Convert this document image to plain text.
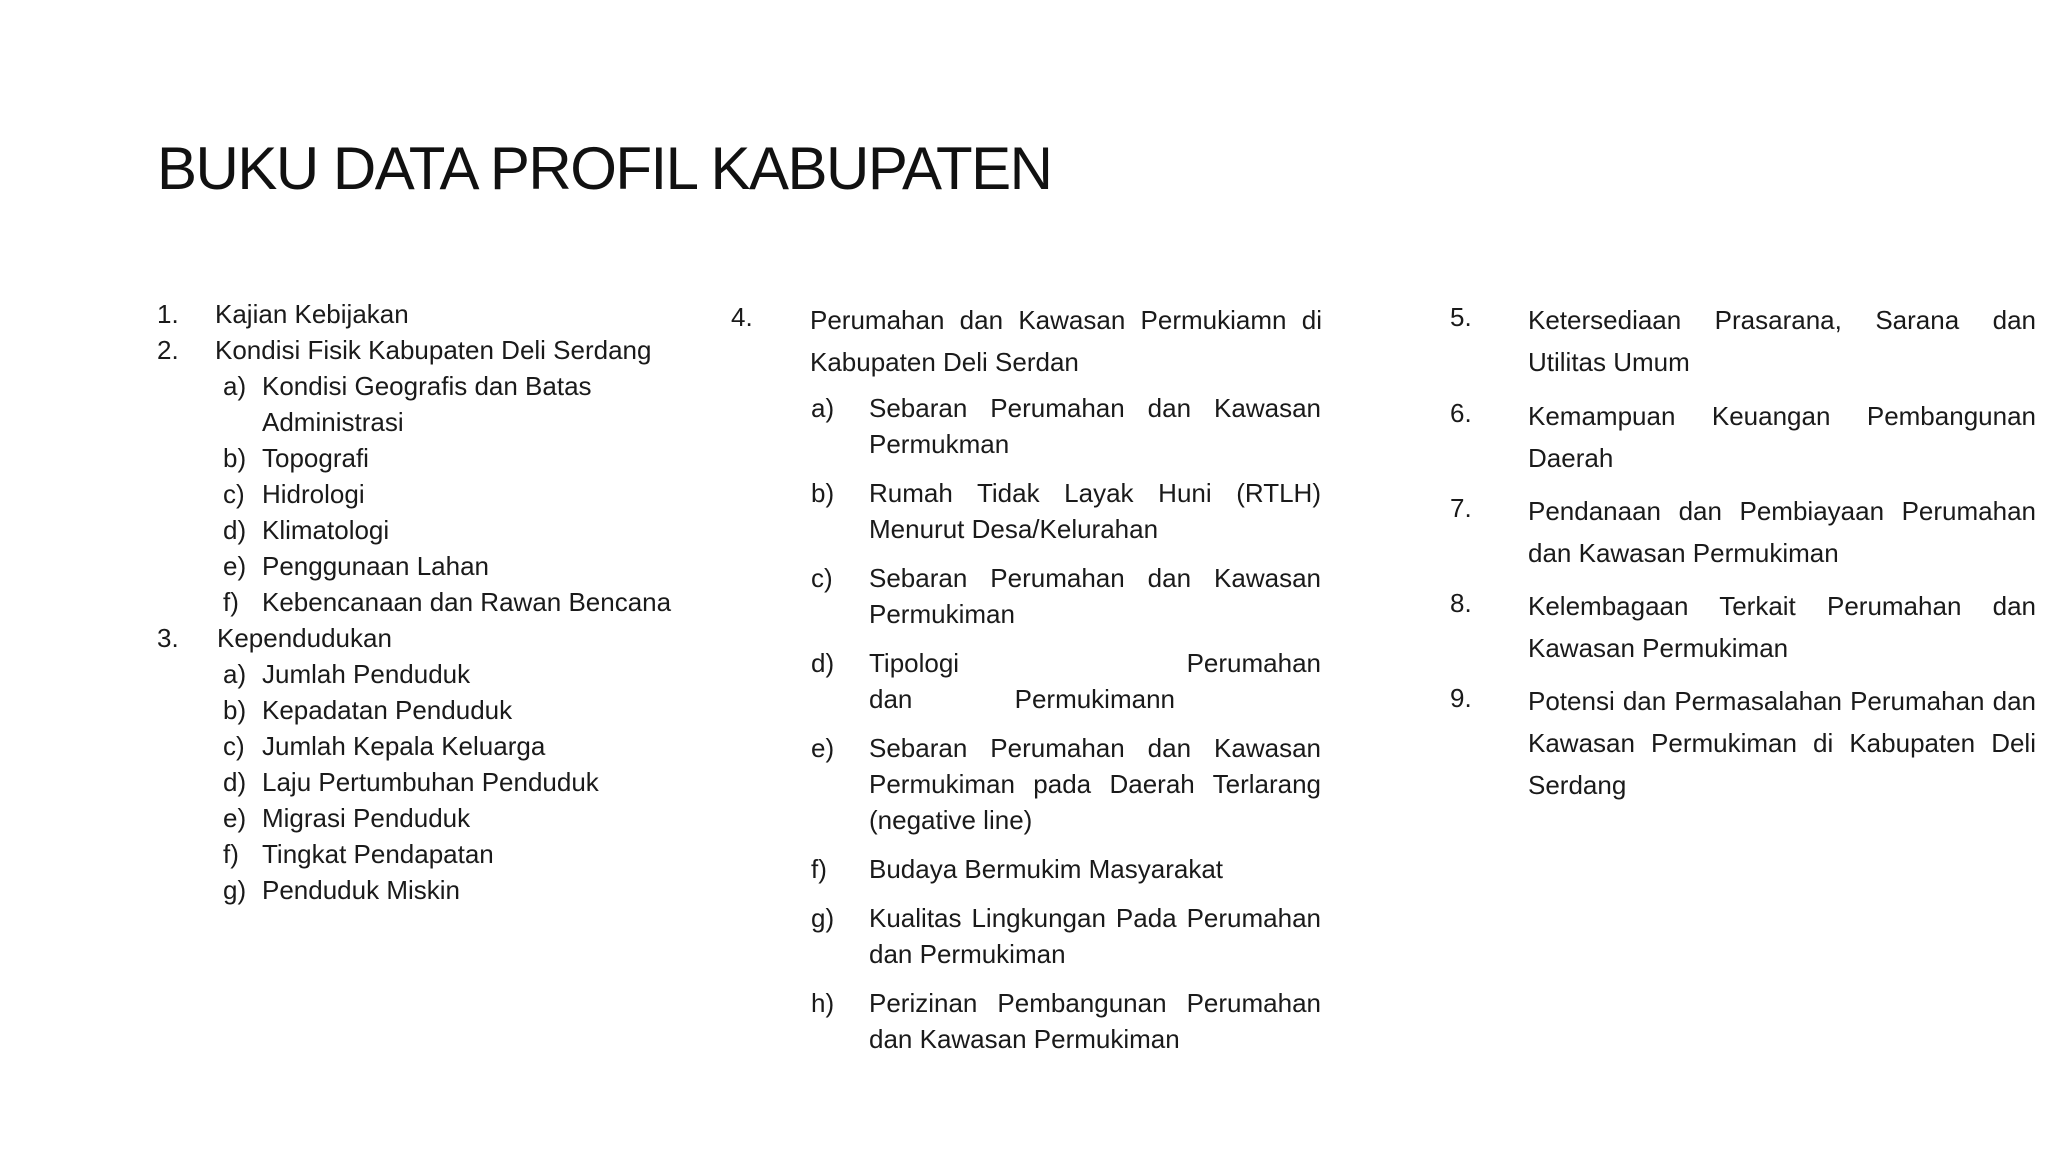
BUKU DATA PROFIL KABUPATEN
1. Kajian Kebijakan
2. Kondisi Fisik Kabupaten Deli Serdang
a) Kondisi Geografis dan Batas Administrasi
b) Topografi
c) Hidrologi
d) Klimatologi
e) Penggunaan Lahan
f) Kebencanaan dan Rawan Bencana
3. Kependudukan
a) Jumlah Penduduk
b) Kepadatan Penduduk
c) Jumlah Kepala Keluarga
d) Laju Pertumbuhan Penduduk
e) Migrasi Penduduk
f) Tingkat Pendapatan
g) Penduduk Miskin
4. Perumahan dan Kawasan Permukiamn di Kabupaten Deli Serdan
a) Sebaran Perumahan dan Kawasan Permukman
b) Rumah Tidak Layak Huni (RTLH) Menurut Desa/Kelurahan
c) Sebaran Perumahan dan Kawasan Permukiman
d) Tipologi Perumahan dan Permukimann
e) Sebaran Perumahan dan Kawasan Permukiman pada Daerah Terlarang (negative line)
f) Budaya Bermukim Masyarakat
g) Kualitas Lingkungan Pada Perumahan dan Permukiman
h) Perizinan Pembangunan Perumahan dan Kawasan Permukiman
5. Ketersediaan Prasarana, Sarana dan Utilitas Umum
6. Kemampuan Keuangan Pembangunan Daerah
7. Pendanaan dan Pembiayaan Perumahan dan Kawasan Permukiman
8. Kelembagaan Terkait Perumahan dan Kawasan Permukiman
9. Potensi dan Permasalahan Perumahan dan Kawasan Permukiman di Kabupaten Deli Serdang
